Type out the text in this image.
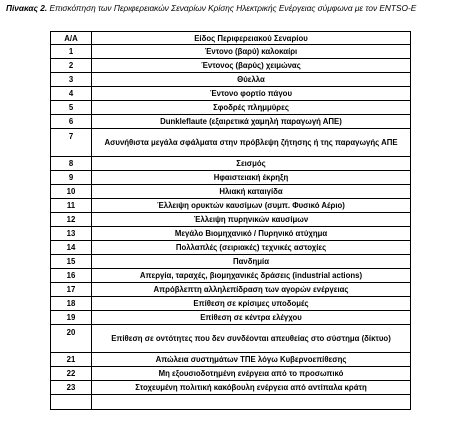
Πίνακας 2. Επισκόπηση των Περιφερειακών Σεναρίων Κρίσης Ηλεκτρικής Ενέργειας σύμφωνα με τον ENTSO-E
Α/Α	Είδος Περιφερειακού Σεναρίου
1	Έντονο (βαρύ) καλοκαίρι
2	Έντονος (βαρύς) χειμώνας
3	Θύελλα
4	Έντονο φορτίο πάγου
5	Σφοδρές πλημμύρες
6	Dunkleflaute (εξαιρετικά χαμηλή παραγωγή ΑΠΕ)
7	Ασυνήθιστα μεγάλα σφάλματα στην πρόβλεψη ζήτησης ή της παραγωγής ΑΠΕ
8	Σεισμός
9	Ηφαιστειακή έκρηξη
10	Ηλιακή καταιγίδα
11	Έλλειψη ορυκτών καυσίμων (συμπ. Φυσικό Αέριο)
12	Έλλειψη πυρηνικών καυσίμων
13	Μεγάλο Βιομηχανικό / Πυρηνικό ατύχημα
14	Πολλαπλές (σειριακές) τεχνικές αστοχίες
15	Πανδημία
16	Απεργία, ταραχές, βιομηχανικές δράσεις (industrial actions)
17	Απρόβλεπτη αλληλεπίδραση των αγορών ενέργειας
18	Επίθεση σε κρίσιμες υποδομές
19	Επίθεση σε κέντρα ελέγχου
20	Επίθεση σε οντότητες που δεν συνδέονται απευθείας στο σύστημα (δίκτυο)
21	Απώλεια συστημάτων ΤΠΕ λόγω Κυβερνοεπίθεσης
22	Μη εξουσιοδοτημένη ενέργεια από το προσωπικό
23	Στοχευμένη πολιτική κακόβουλη ενέργεια από αντίπαλα κράτη
